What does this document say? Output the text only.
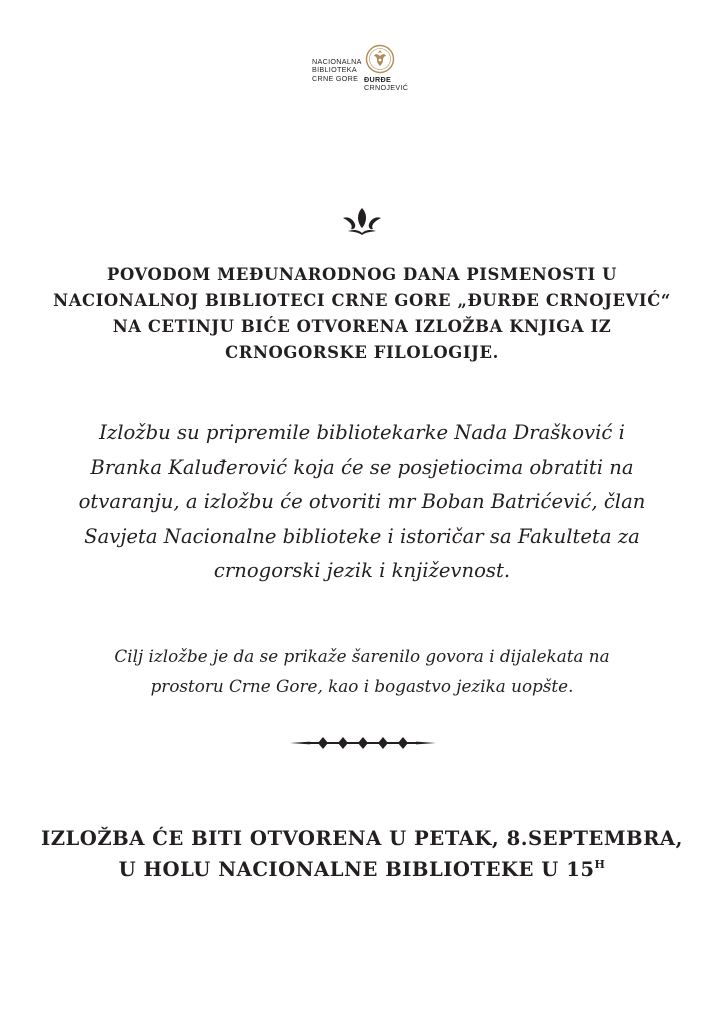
NACIONALNA
BIBLIOTEKA
CRNE GORE ĐURĐE
CRNOJEVIĆ
POVODOM MEĐUNARODNOG DANA PISMENOSTI U
NACIONALNOJ BIBLIOTECI CRNE GORE „ĐURĐE CRNOJEVIĆ“
NA CETINJU BIĆE OTVORENA IZLOŽBA KNJIGA IZ
CRNOGORSKE FILOLOGIJE.
Izložbu su pripremile bibliotekarke Nada Drašković i
Branka Kaluđerović koja će se posjetiocima obratiti na
otvaranju, a izložbu će otvoriti mr Boban Batrićević, član
Savjeta Nacionalne biblioteke i istoričar sa Fakulteta za
crnogorski jezik i književnost.
Cilj izložbe je da se prikaže šarenilo govora i dijalekata na
prostoru Crne Gore, kao i bogastvo jezika uopšte.
IZLOŽBA ĆE BITI OTVORENA U PETAK, 8.SEPTEMBRA,
U HOLU NACIONALNE BIBLIOTEKE U $15^H$
